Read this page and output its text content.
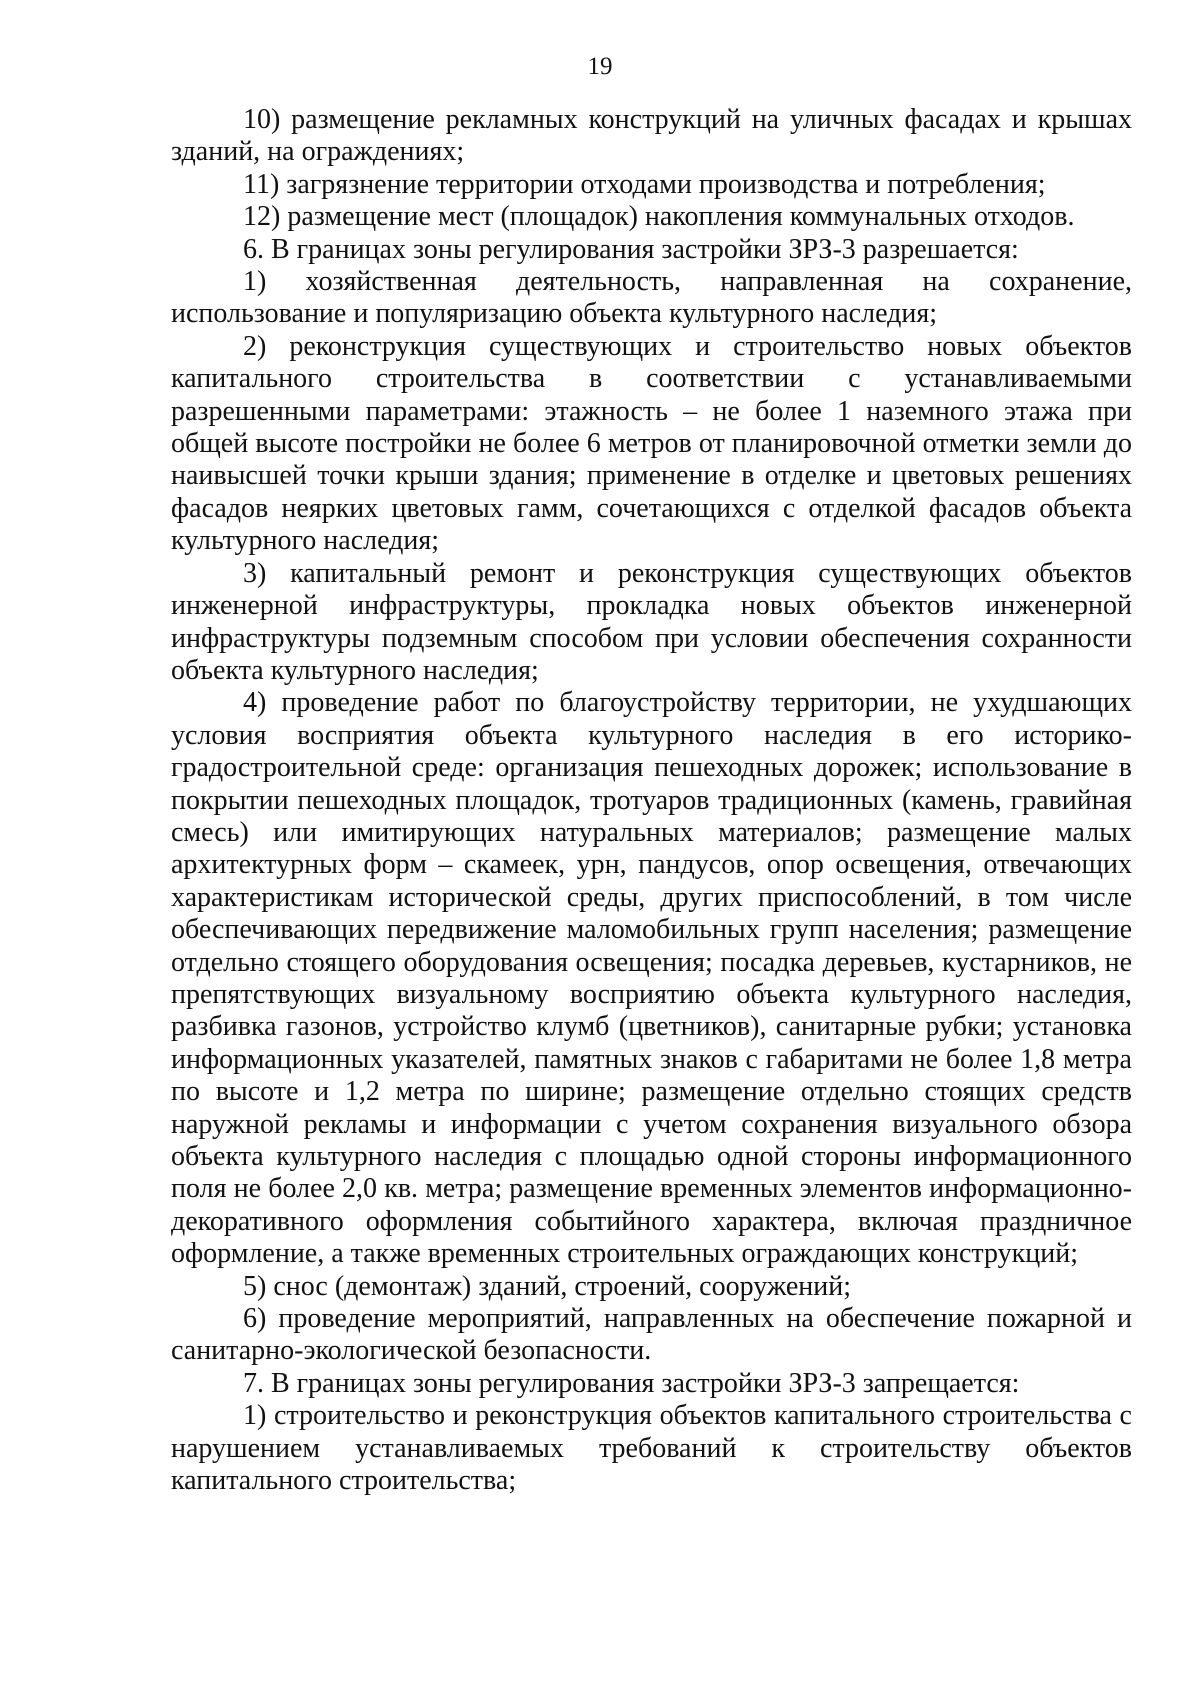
19

10) размещение рекламных конструкций на уличных фасадах и крышах зданий, на ограждениях;

11) загрязнение территории отходами производства и потребления;

12) размещение мест (площадок) накопления коммунальных отходов.

6. В границах зоны регулирования застройки ЗРЗ-3 разрешается:

1) хозяйственная деятельность, направленная на сохранение, использование и популяризацию объекта культурного наследия;

2) реконструкция существующих и строительство новых объектов капитального строительства в соответствии с устанавливаемыми разрешенными параметрами: этажность – не более 1 наземного этажа при общей высоте постройки не более 6 метров от планировочной отметки земли до наивысшей точки крыши здания; применение в отделке и цветовых решениях фасадов неярких цветовых гамм, сочетающихся с отделкой фасадов объекта культурного наследия;

3) капитальный ремонт и реконструкция существующих объектов инженерной инфраструктуры, прокладка новых объектов инженерной инфраструктуры подземным способом при условии обеспечения сохранности объекта культурного наследия;

4) проведение работ по благоустройству территории, не ухудшающих условия восприятия объекта культурного наследия в его историко-градостроительной среде: организация пешеходных дорожек; использование в покрытии пешеходных площадок, тротуаров традиционных (камень, гравийная смесь) или имитирующих натуральных материалов; размещение малых архитектурных форм – скамеек, урн, пандусов, опор освещения, отвечающих характеристикам исторической среды, других приспособлений, в том числе обеспечивающих передвижение маломобильных групп населения; размещение отдельно стоящего оборудования освещения; посадка деревьев, кустарников, не препятствующих визуальному восприятию объекта культурного наследия, разбивка газонов, устройство клумб (цветников), санитарные рубки; установка информационных указателей, памятных знаков с габаритами не более 1,8 метра по высоте и 1,2 метра по ширине; размещение отдельно стоящих средств наружной рекламы и информации с учетом сохранения визуального обзора объекта культурного наследия с площадью одной стороны информационного поля не более 2,0 кв. метра; размещение временных элементов информационно-декоративного оформления событийного характера, включая праздничное оформление, а также временных строительных ограждающих конструкций;

5) снос (демонтаж) зданий, строений, сооружений;

6) проведение мероприятий, направленных на обеспечение пожарной и санитарно-экологической безопасности.

7. В границах зоны регулирования застройки ЗРЗ-3 запрещается:

1) строительство и реконструкция объектов капитального строительства с нарушением устанавливаемых требований к строительству объектов капитального строительства;
